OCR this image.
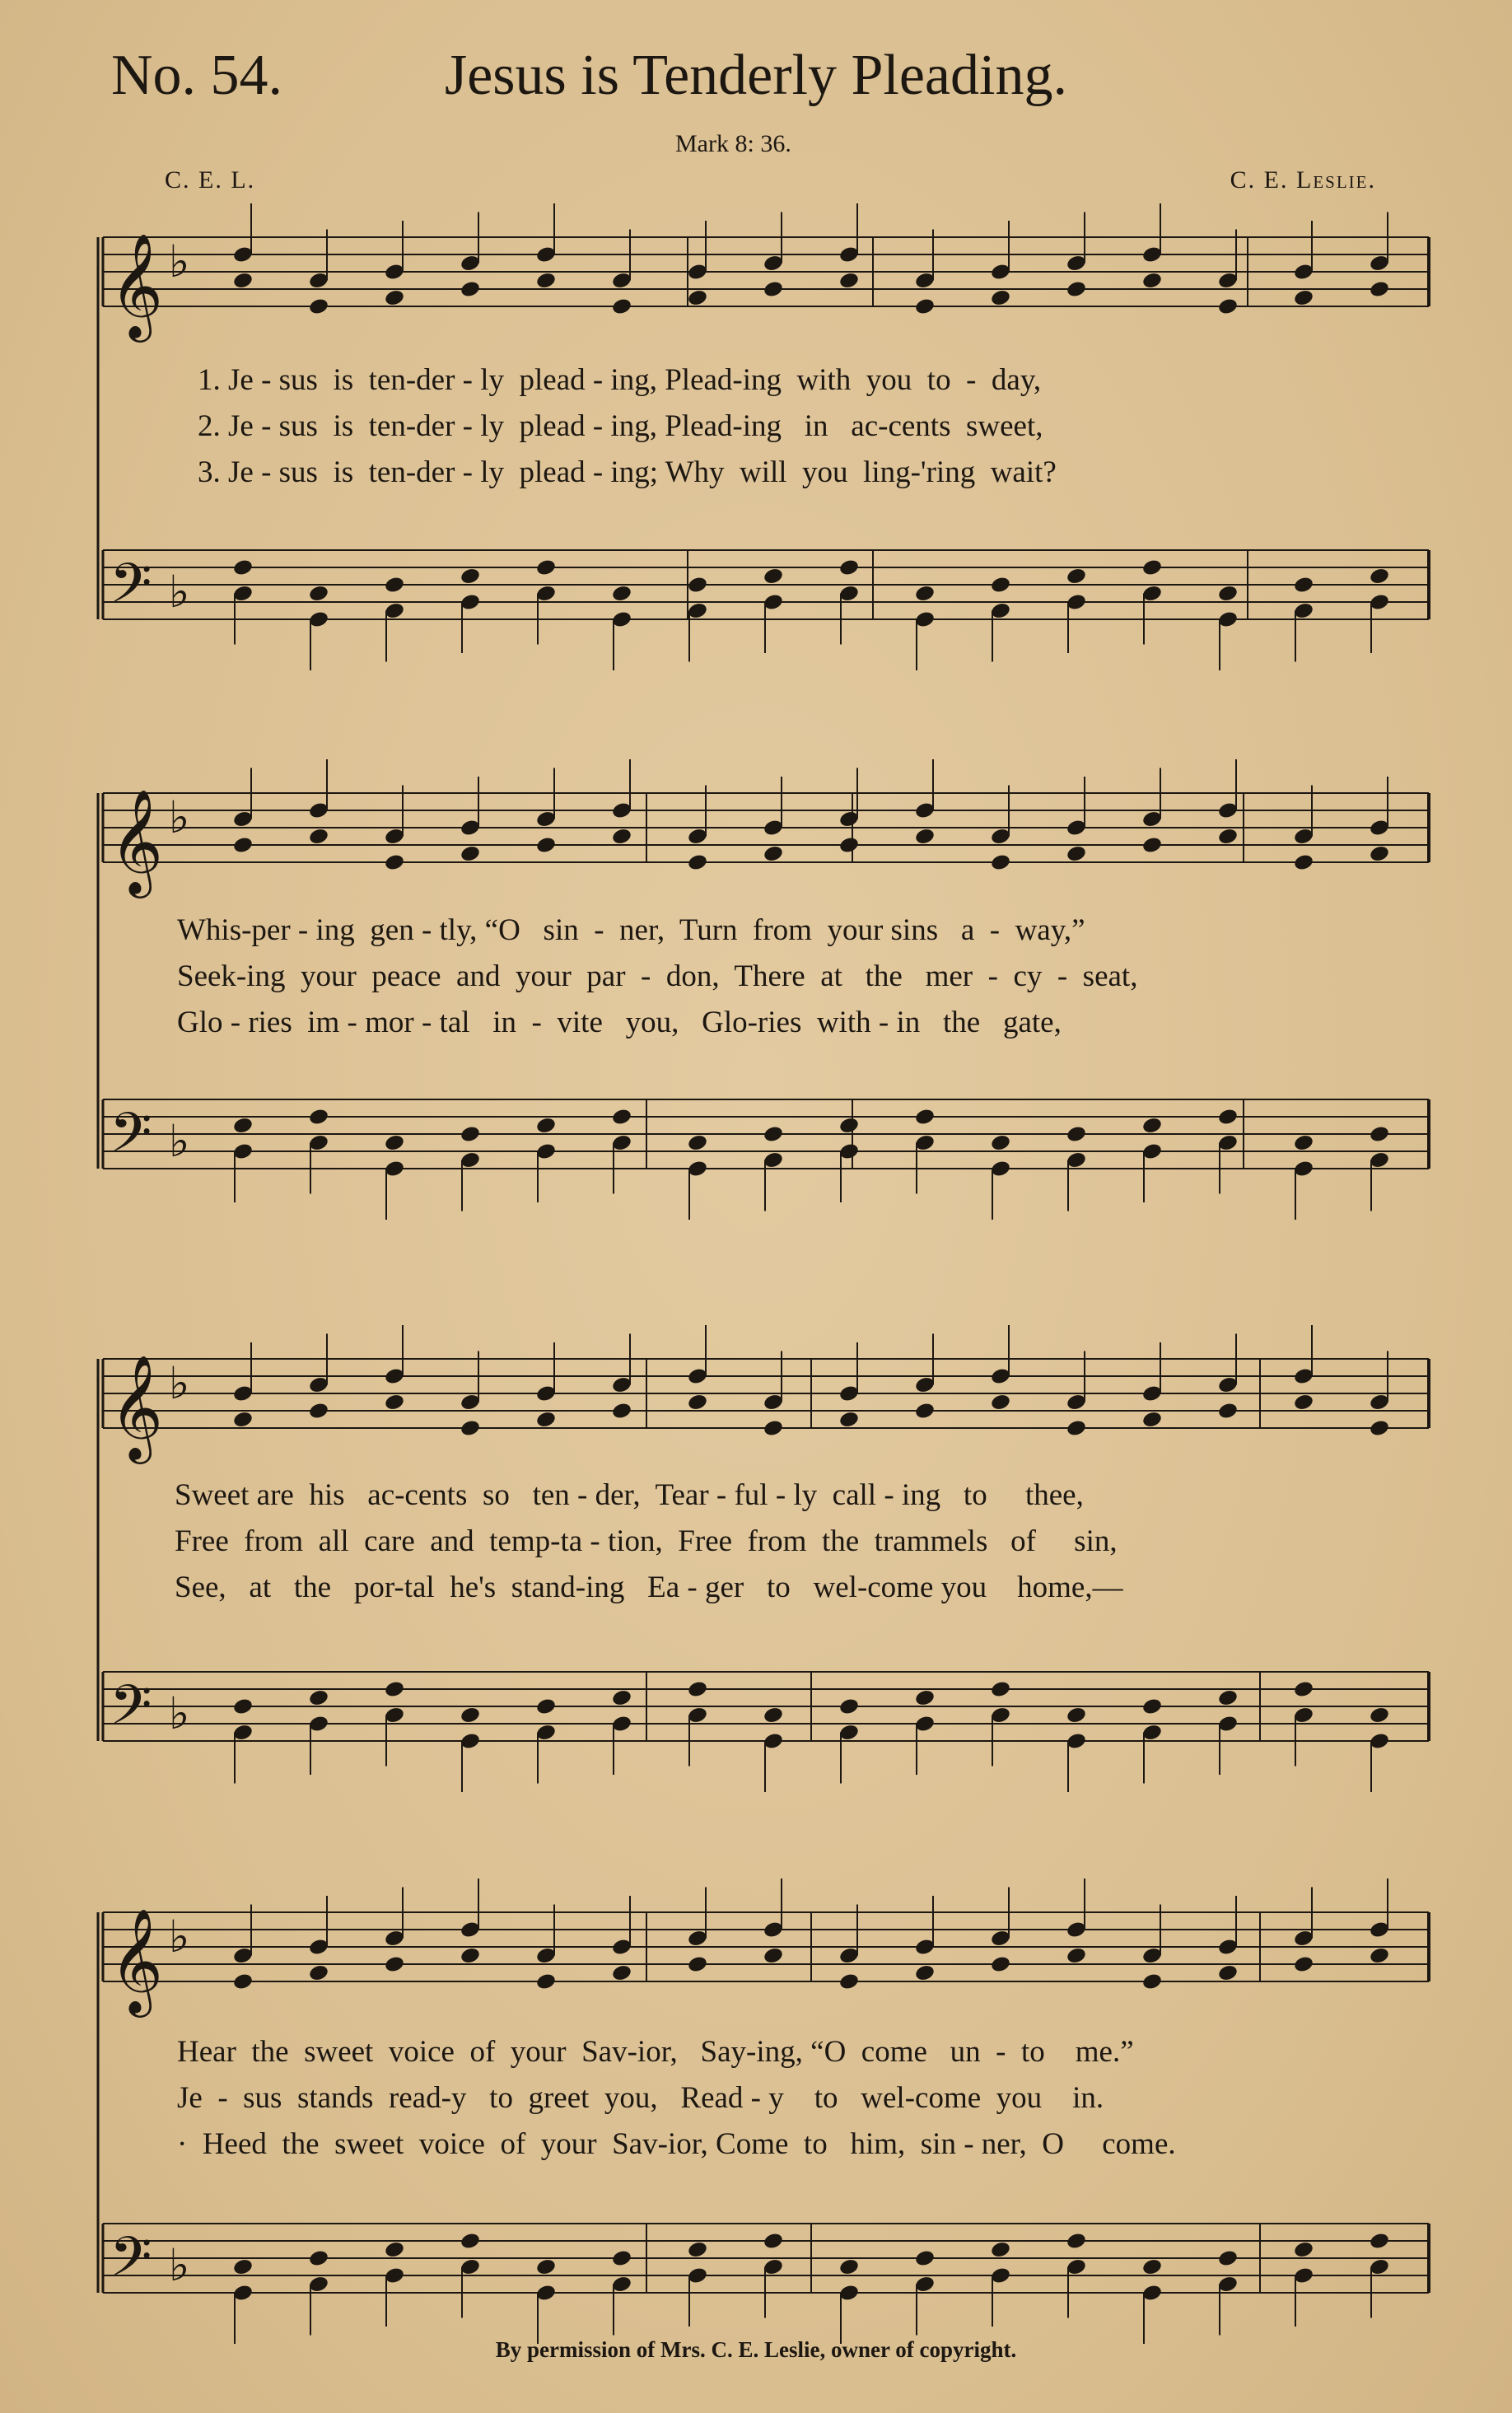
No. 54.	Jesus is Tenderly Pleading.
Mark 8: 36.
C. E. L.	C. E. Leslie.
𝄞 ♭
𝄢 ♭
𝄞 ♭
𝄢 ♭
𝄞 ♭
𝄢 ♭
𝄞 ♭
𝄢 ♭
1. Je - sus  is  ten-der - ly  plead - ing, Plead-ing  with  you  to  -  day,
2. Je - sus  is  ten-der - ly  plead - ing, Plead-ing   in   ac-cents  sweet,
3. Je - sus  is  ten-der - ly  plead - ing; Why  will  you  ling-'ring  wait?
Whis-per - ing  gen - tly, “O   sin  -  ner,  Turn  from  your sins   a  -  way,”
Seek-ing  your  peace  and  your  par  -  don,  There  at   the   mer  -  cy  -  seat,
Glo - ries  im - mor - tal   in  -  vite   you,   Glo-ries  with - in   the   gate,
Sweet are  his   ac-cents  so   ten - der,  Tear - ful - ly  call - ing   to     thee,
Free  from  all  care  and  temp-ta - tion,  Free  from  the  trammels   of     sin,
See,   at   the   por-tal  he's  stand-ing   Ea - ger   to   wel-come you    home,—
Hear  the  sweet  voice  of  your  Sav-ior,   Say-ing, “O  come   un  -  to    me.”
Je  -  sus  stands  read-y   to  greet  you,   Read - y    to   wel-come  you    in.
·  Heed  the  sweet  voice  of  your  Sav-ior, Come  to   him,  sin - ner,  O     come.
By permission of Mrs. C. E. Leslie, owner of copyright.
